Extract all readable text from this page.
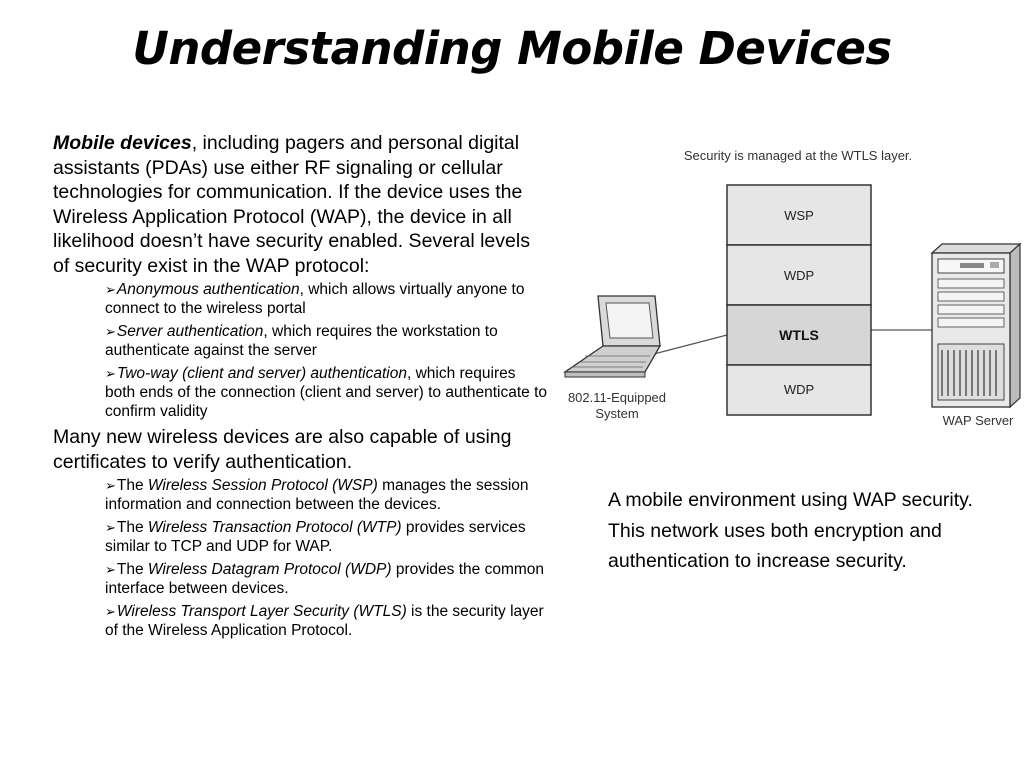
Understanding Mobile Devices

Mobile devices, including pagers and personal digital assistants (PDAs) use either RF signaling or cellular technologies for communication. If the device uses the Wireless Application Protocol (WAP), the device in all likelihood doesn’t have security enabled. Several levels of security exist in the WAP protocol:

➢Anonymous authentication, which allows virtually anyone to connect to the wireless portal
➢Server authentication, which requires the workstation to authenticate against the server
➢Two-way (client and server) authentication, which requires both ends of the connection (client and server) to authenticate to confirm validity

Many new wireless devices are also capable of using certificates to verify authentication.

➢The Wireless Session Protocol (WSP) manages the session information and connection between the devices.
➢The Wireless Transaction Protocol (WTP) provides services similar to TCP and UDP for WAP.
➢The Wireless Datagram Protocol (WDP) provides the common interface between devices.
➢Wireless Transport Layer Security (WTLS) is the security layer of the Wireless Application Protocol.
Security is managed at the WTLS layer.
WSP
WDP
WTLS
WDP
802.11-Equipped
System	WAP Server
A mobile environment using WAP security. This network uses both encryption and authentication to increase security.
